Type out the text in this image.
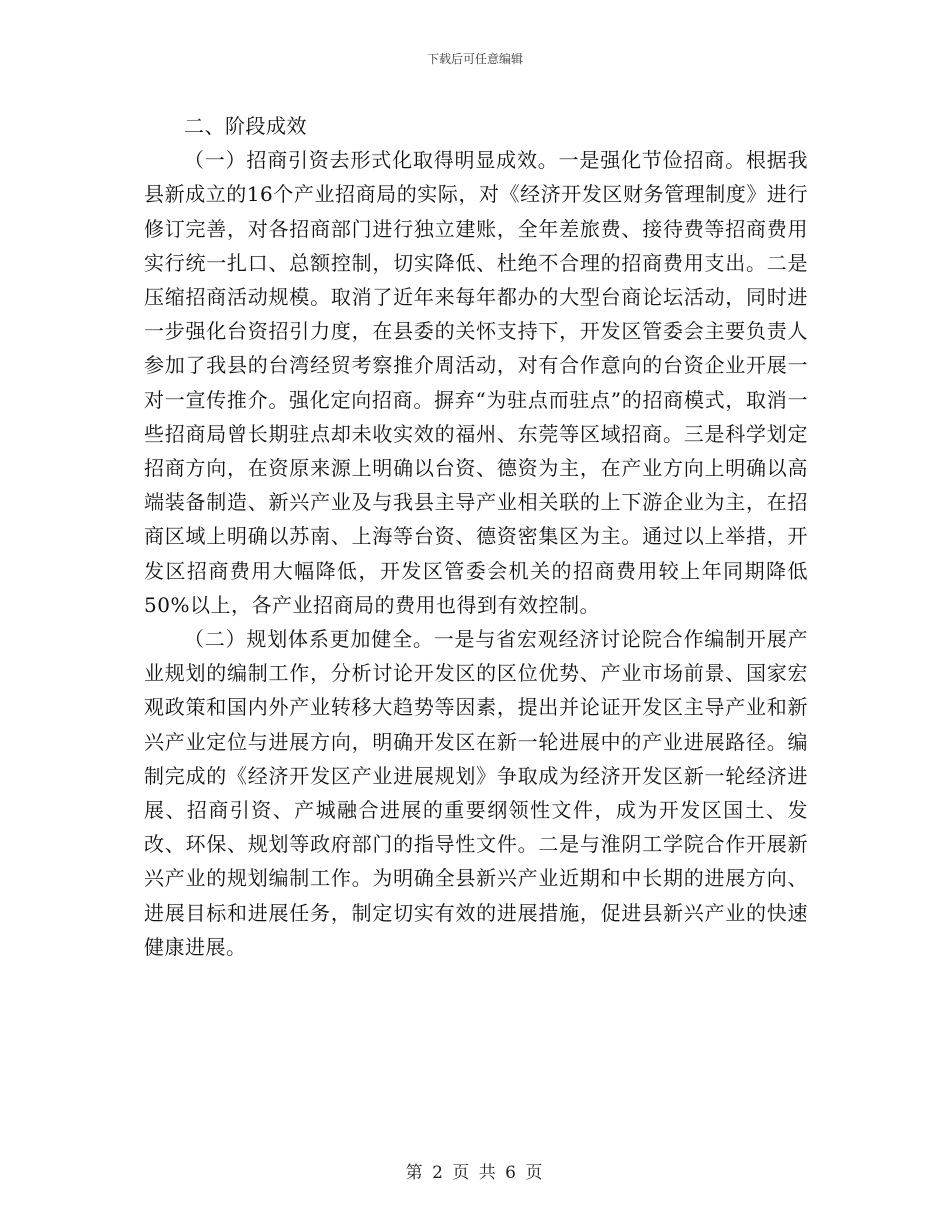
下载后可任意编辑

二、阶段成效

（一）招商引资去形式化取得明显成效。一是强化节俭招商。根据我县新成立的16个产业招商局的实际，对《经济开发区财务管理制度》进行修订完善，对各招商部门进行独立建账，全年差旅费、接待费等招商费用实行统一扎口、总额控制，切实降低、杜绝不合理的招商费用支出。二是压缩招商活动规模。取消了近年来每年都办的大型台商论坛活动，同时进一步强化台资招引力度，在县委的关怀支持下，开发区管委会主要负责人参加了我县的台湾经贸考察推介周活动，对有合作意向的台资企业开展一对一宣传推介。强化定向招商。摒弃“为驻点而驻点”的招商模式，取消一些招商局曾长期驻点却未收实效的福州、东莞等区域招商。三是科学划定招商方向，在资原来源上明确以台资、德资为主，在产业方向上明确以高端装备制造、新兴产业及与我县主导产业相关联的上下游企业为主，在招商区域上明确以苏南、上海等台资、德资密集区为主。通过以上举措，开发区招商费用大幅降低，开发区管委会机关的招商费用较上年同期降低50%以上，各产业招商局的费用也得到有效控制。

（二）规划体系更加健全。一是与省宏观经济讨论院合作编制开展产业规划的编制工作，分析讨论开发区的区位优势、产业市场前景、国家宏观政策和国内外产业转移大趋势等因素，提出并论证开发区主导产业和新兴产业定位与进展方向，明确开发区在新一轮进展中的产业进展路径。编制完成的《经济开发区产业进展规划》争取成为经济开发区新一轮经济进展、招商引资、产城融合进展的重要纲领性文件，成为开发区国土、发改、环保、规划等政府部门的指导性文件。二是与淮阴工学院合作开展新兴产业的规划编制工作。为明确全县新兴产业近期和中长期的进展方向、进展目标和进展任务，制定切实有效的进展措施，促进县新兴产业的快速健康进展。

第 2 页 共 6 页
